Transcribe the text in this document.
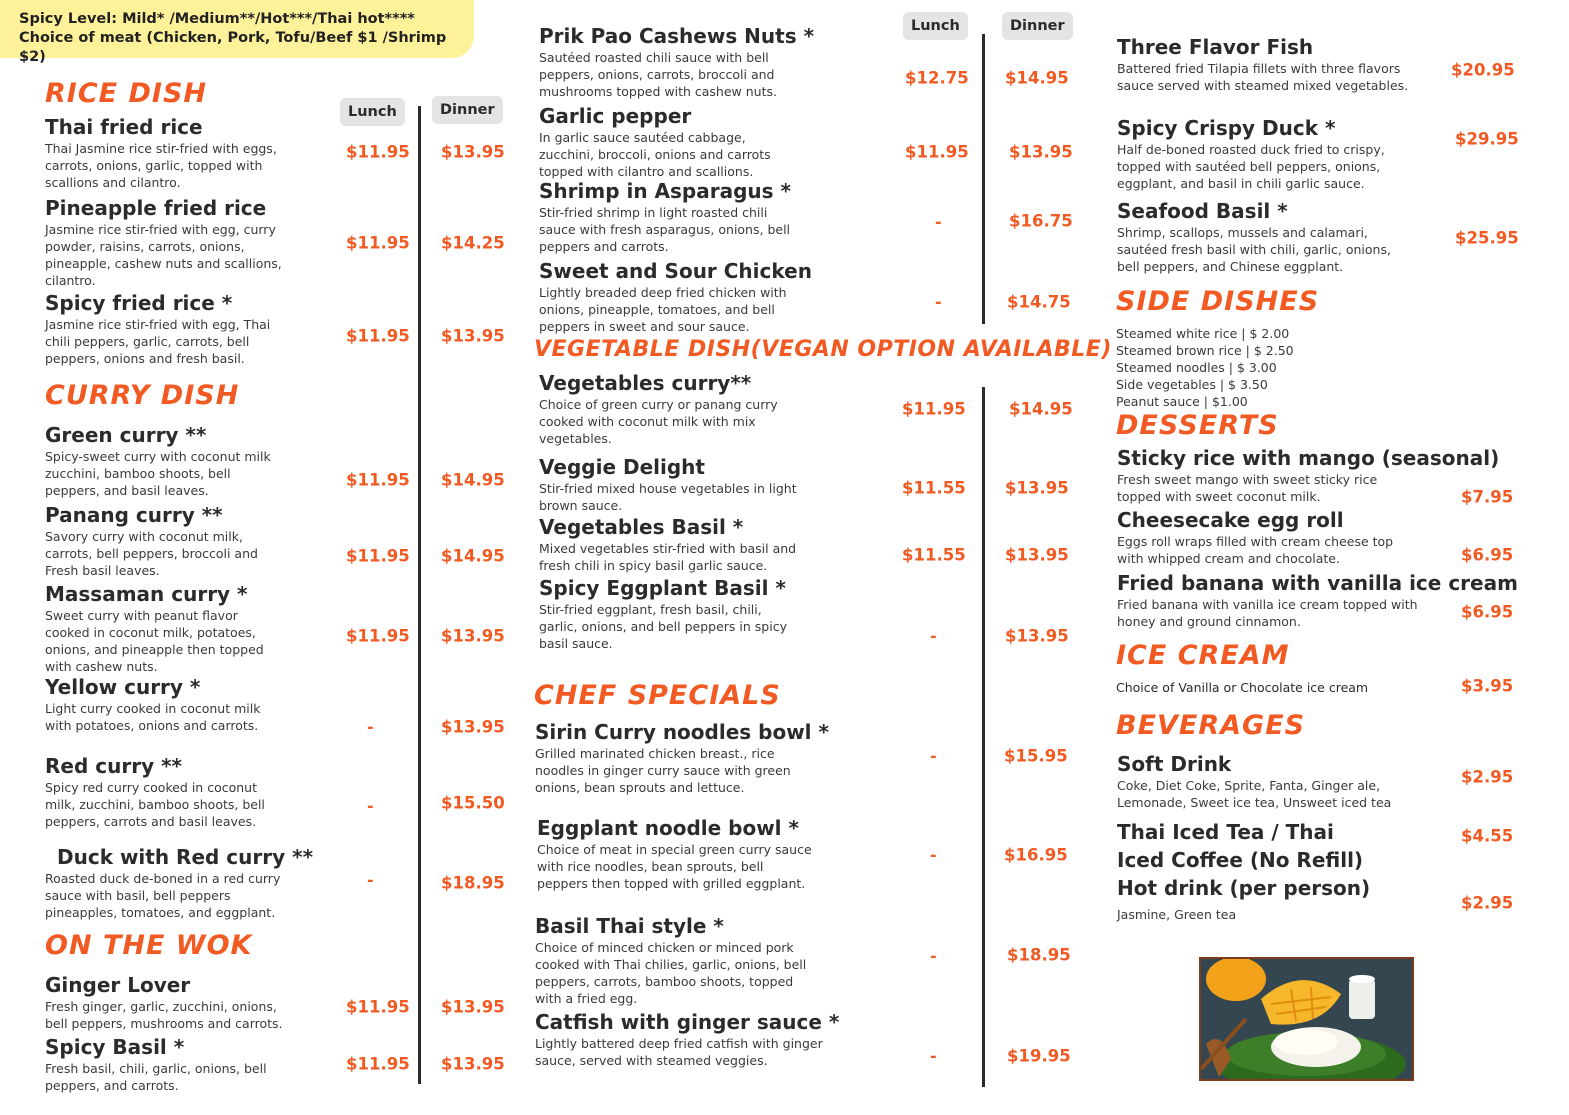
Spicy Level: Mild* /Medium**/Hot***/Thai hot****
Choice of meat (Chicken, Pork, Tofu/Beef $1 /Shrimp $2)
RICE DISH
Lunch	Dinner
Thai fried rice
Thai Jasmine rice stir-fried with eggs, carrots, onions, garlic, topped with scallions and cilantro.
$11.95 $13.95
Pineapple fried rice
Jasmine rice stir-fried with egg, curry powder, raisins, carrots, onions, pineapple, cashew nuts and scallions, cilantro.
$11.95 $14.25
Spicy fried rice *
Jasmine rice stir-fried with egg, Thai chili peppers, garlic, carrots, bell peppers, onions and fresh basil.
$11.95 $13.95
CURRY DISH
Green curry **
Spicy-sweet curry with coconut milk zucchini, bamboo shoots, bell peppers, and basil leaves.
$11.95 $14.95
Panang curry **
Savory curry with coconut milk, carrots, bell peppers, broccoli and Fresh basil leaves.
$11.95 $14.95
Massaman curry *
Sweet curry with peanut flavor cooked in coconut milk, potatoes, onions, and pineapple then topped with cashew nuts.
$11.95 $13.95
Yellow curry *
Light curry cooked in coconut milk with potatoes, onions and carrots.	-	$13.95
Red curry **
Spicy red curry cooked in coconut milk, zucchini, bamboo shoots, bell peppers, carrots and basil leaves.
-	$15.50
Duck with Red curry **
Roasted duck de-boned in a red curry sauce with basil, bell peppers pineapples, tomatoes, and eggplant.
-	$18.95
ON THE WOK
Ginger Lover
Fresh ginger, garlic, zucchini, onions, bell peppers, mushrooms and carrots.
$11.95 $13.95
Spicy Basil *
Fresh basil, chili, garlic, onions, bell peppers, and carrots.
$11.95 $13.95
Lunch	Dinner
Prik Pao Cashews Nuts *
Sautéed roasted chili sauce with bell peppers, onions, carrots, broccoli and mushrooms topped with cashew nuts.
$12.75 $14.95
Garlic pepper
In garlic sauce sautéed cabbage, zucchini, broccoli, onions and carrots topped with cilantro and scallions.
$11.95 $13.95
Shrimp in Asparagus *
Stir-fried shrimp in light roasted chili sauce with fresh asparagus, onions, bell peppers and carrots.
-	$16.75
Sweet and Sour Chicken
Lightly breaded deep fried chicken with onions, pineapple, tomatoes, and bell peppers in sweet and sour sauce.
-	$14.75
VEGETABLE DISH(VEGAN OPTION AVAILABLE)
Vegetables curry**
Choice of green curry or panang curry cooked with coconut milk with mix vegetables.
$11.95	$14.95
Veggie Delight
Stir-fried mixed house vegetables in light brown sauce.
$11.55 $13.95
Vegetables Basil *
Mixed vegetables stir-fried with basil and fresh chili in spicy basil garlic sauce.
$11.55 $13.95
Spicy Eggplant Basil *
Stir-fried eggplant, fresh basil, chili, garlic, onions, and bell peppers in spicy basil sauce.	-	$13.95
CHEF SPECIALS
Sirin Curry noodles bowl *
Grilled marinated chicken breast., rice noodles in ginger curry sauce with green onions, bean sprouts and lettuce.
-	$15.95
Eggplant noodle bowl *
Choice of meat in special green curry sauce with rice noodles, bean sprouts, bell peppers then topped with grilled eggplant.
-	$16.95
Basil Thai style *
Choice of minced chicken or minced pork cooked with Thai chilies, garlic, onions, bell peppers, carrots, bamboo shoots, topped with a fried egg.
-	$18.95
Catfish with ginger sauce *
Lightly battered deep fried catfish with ginger sauce, served with steamed veggies.	-	$19.95
Three Flavor Fish
Battered fried Tilapia fillets with three flavors sauce served with steamed mixed vegetables.
$20.95
Spicy Crispy Duck *
Half de-boned roasted duck fried to crispy, topped with sautéed bell peppers, onions, eggplant, and basil in chili garlic sauce.
$29.95
Seafood Basil *
Shrimp, scallops, mussels and calamari, sautéed fresh basil with chili, garlic, onions, bell peppers, and Chinese eggplant.
$25.95
SIDE DISHES
Steamed white rice | $ 2.00
Steamed brown rice | $ 2.50
Steamed noodles | $ 3.00
Side vegetables | $ 3.50
Peanut sauce | $1.00
DESSERTS
Sticky rice with mango (seasonal)
Fresh sweet mango with sweet sticky rice topped with sweet coconut milk.	$7.95
Cheesecake egg roll
Eggs roll wraps filled with cream cheese top with whipped cream and chocolate.	$6.95
Fried banana with vanilla ice cream
Fried banana with vanilla ice cream topped with honey and ground cinnamon.	$6.95
ICE CREAM
Choice of Vanilla or Chocolate ice cream	$3.95
BEVERAGES
Soft Drink
Coke, Diet Coke, Sprite, Fanta, Ginger ale, Lemonade, Sweet ice tea, Unsweet iced tea
$2.95
Thai Iced Tea / Thai Iced Coffee (No Refill)
$4.55
Hot drink (per person)
Jasmine, Green tea
$2.95
